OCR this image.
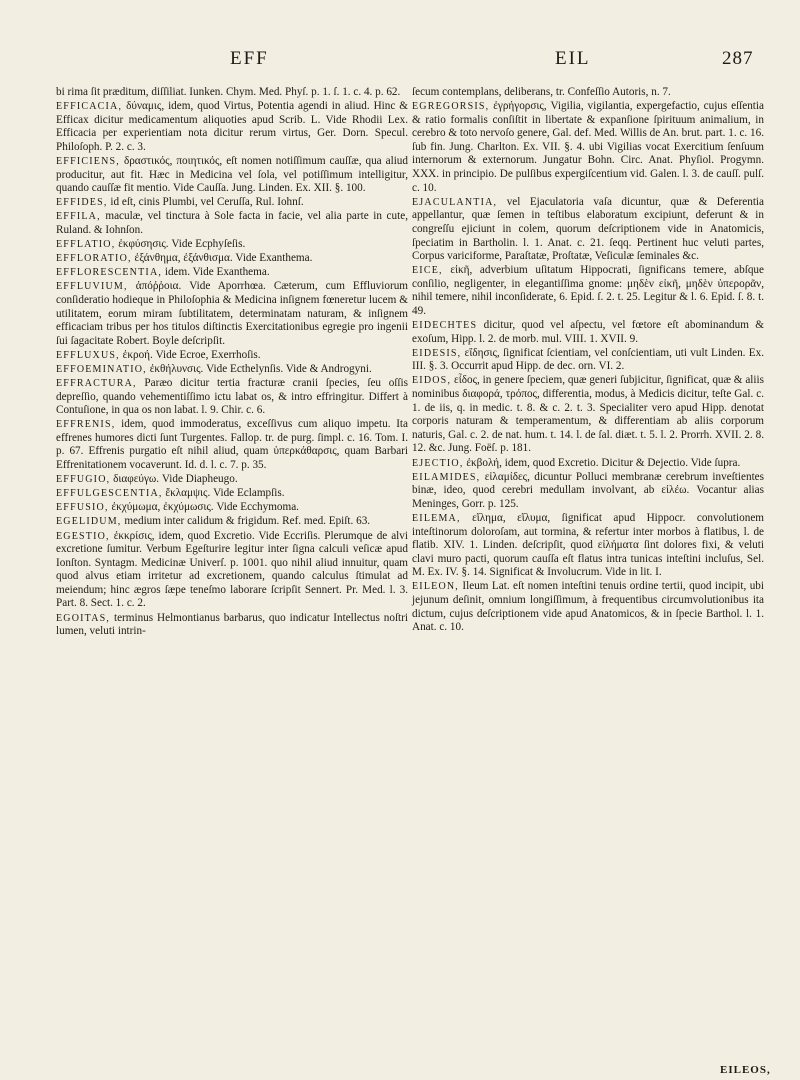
EFF	EIL	287

bi rima ſit præditum, diſſiliat. Iunken. Chym. Med. Phyſ. p. 1. ſ. 1. c. 4. p. 62.

EFFICACIA, δύναμις, idem, quod Virtus, Potentia agendi in aliud. Hinc & Efficax dicitur medicamentum aliquoties apud Scrib. L. Vide Rhodii Lex. Efficacia per experientiam nota dicitur rerum virtus, Ger. Dorn. Specul. Philoſoph. P. 2. c. 3.

EFFICIENS, δραστικός, ποιητικός, eſt nomen notiſſimum cauſſæ, qua aliud producitur, aut fit. Hæc in Medicina vel ſola, vel potiſſimum intelligitur, quando cauſſæ fit mentio. Vide Cauſſa. Jung. Linden. Ex. XII. §. 100.

EFFIDES, id eſt, cinis Plumbi, vel Ceruſſa, Rul. Iohnſ.

EFFILA, maculæ, vel tinctura à Sole facta in facie, vel alia parte in cute, Ruland. & Iohnſon.

EFFLATIO, ἐκφύσησις. Vide Ecphyſeſis.

EFFLORATIO, ἐξάνθημα, ἐξάνθισμα. Vide Exanthema.

EFFLORESCENTIA, idem. Vide Exanthema.

EFFLUVIUM, ἀπόῤῥοια. Vide Aporrhœa. Cæterum, cum Effluviorum conſideratio hodieque in Philoſophia & Medicina inſignem fœneretur lucem & utilitatem, eorum miram ſubtilitatem, determinatam naturam, & inſignem efficaciam tribus per hos titulos diſtinctis Exercitationibus egregie pro ingenii ſui ſagacitate Robert. Boyle deſcripſit.

EFFLUXUS, ἐκροή. Vide Ecroe, Exerrhoſis.

EFFOEMINATIO, ἐκθήλυνσις. Vide Ecthelynſis. Vide & Androgyni.

EFFRACTURA, Paræo dicitur tertia fracturæ cranii ſpecies, ſeu oſſis depreſſio, quando vehementiſſimo ictu labat os, & intro effringitur. Differt à Contuſione, in qua os non labat. l. 9. Chir. c. 6.

EFFRENIS, idem, quod immoderatus, exceſſivus cum aliquo impetu. Ita effrenes humores dicti ſunt Turgentes. Fallop. tr. de purg. ſimpl. c. 16. Tom. I. p. 67. Effrenis purgatio eſt nihil aliud, quam ὑπερκάθαρσις, quam Barbari Effrenitationem vocaverunt. Id. d. l. c. 7. p. 35.

EFFUGIO, διαφεύγω. Vide Diapheugo.

EFFULGESCENTIA, ἔκλαμψις. Vide Eclampſis.

EFFUSIO, ἐκχύμωμα, ἐκχύμωσις. Vide Ecchymoma.

EGELIDUM, medium inter calidum & frigidum. Ref. med. Epiſt. 63.

EGESTIO, ἐκκρίσις, idem, quod Excretio. Vide Eccriſis. Plerumque de alvi excretione ſumitur. Verbum Egeſturire legitur inter ſigna calculi veſicæ apud Ionſton. Syntagm. Medicinæ Univerſ. p. 1001. quo nihil aliud innuitur, quam quod alvus etiam irritetur ad excretionem, quando calculus ſtimulat ad meiendum; hinc ægros ſæpe teneſmo laborare ſcripſit Sennert. Pr. Med. l. 3. Part. 8. Sect. 1. c. 2.

EGOITAS, terminus Helmontianus barbarus, quo indicatur Intellectus noſtri lumen, veluti intrin-

ſecum contemplans, deliberans, tr. Confeſſio Autoris, n. 7.

EGREGORSIS, ἐγρήγορσις, Vigilia, vigilantia, expergefactio, cujus eſſentia & ratio formalis conſiſtit in libertate & expanſione ſpirituum animalium, in cerebro & toto nervoſo genere, Gal. def. Med. Willis de An. brut. part. 1. c. 16. ſub fin. Jung. Charlton. Ex. VII. §. 4. ubi Vigilias vocat Exercitium ſenſuum internorum & externorum. Jungatur Bohn. Circ. Anat. Phyſiol. Progymn. XXX. in principio. De pulſibus expergiſcentium vid. Galen. l. 3. de cauſſ. pulſ. c. 10.

EJACULANTIA, vel Ejaculatoria vaſa dicuntur, quæ & Deferentia appellantur, quæ ſemen in teſtibus elaboratum excipiunt, deferunt & in congreſſu ejiciunt in colem, quorum deſcriptionem vide in Anatomicis, ſpeciatim in Bartholin. l. 1. Anat. c. 21. ſeqq. Pertinent huc veluti partes, Corpus variciforme, Paraſtatæ, Proſtatæ, Veſiculæ ſeminales &c.

EICE, εἰκῆ, adverbium uſitatum Hippocrati, ſignificans temere, abſque conſilio, negligenter, in elegantiſſima gnome: μηδὲν εἰκῆ, μηδὲν ὑπερορᾶν, nihil temere, nihil inconſiderate, 6. Epid. ſ. 2. t. 25. Legitur & l. 6. Epid. ſ. 8. t. 49.

EIDECHTES dicitur, quod vel aſpectu, vel fœtore eſt abominandum & exoſum, Hipp. l. 2. de morb. mul. VIII. 1. XVII. 9.

EIDESIS, εἴδησις, ſignificat ſcientiam, vel conſcientiam, uti vult Linden. Ex. III. §. 3. Occurrit apud Hipp. de dec. orn. VI. 2.

EIDOS, εἶδος, in genere ſpeciem, quæ generi ſubjicitur, ſignificat, quæ & aliis nominibus διαφορά, τρόπος, differentia, modus, à Medicis dicitur, teſte Gal. c. 1. de iis, q. in medic. t. 8. & c. 2. t. 3. Specialiter vero apud Hipp. denotat corporis naturam & temperamentum, & differentiam ab aliis corporum naturis, Gal. c. 2. de nat. hum. t. 14. l. de ſal. diæt. t. 5. l. 2. Prorrh. XVII. 2. 8. 12. &c. Jung. Foëſ. p. 181.

EJECTIO, ἐκβολή, idem, quod Excretio. Dicitur & Dejectio. Vide ſupra.

EILAMIDES, εἰλαμίδες, dicuntur Polluci membranæ cerebrum inveſtientes binæ, ideo, quod cerebri medullam involvant, ab εἰλέω. Vocantur alias Meninges, Gorr. p. 125.

EILEMA, εἴλημα, εἴλυμα, ſignificat apud Hippocr. convolutionem inteſtinorum doloroſam, aut tormina, & refertur inter morbos à flatibus, l. de flatib. XIV. 1. Linden. deſcripſit, quod εἰλήματα ſint dolores fixi, & veluti clavi muro pacti, quorum cauſſa eſt flatus intra tunicas inteſtini incluſus, Sel. M. Ex. IV. §. 14. Significat & Involucrum. Vide in lit. I.

EILEON, Ileum Lat. eſt nomen inteſtini tenuis ordine tertii, quod incipit, ubi jejunum deſinit, omnium longiſſimum, à frequentibus circumvolutionibus ita dictum, cujus deſcriptionem vide apud Anatomicos, & in ſpecie Barthol. l. 1. Anat. c. 10.

EILEOS,
